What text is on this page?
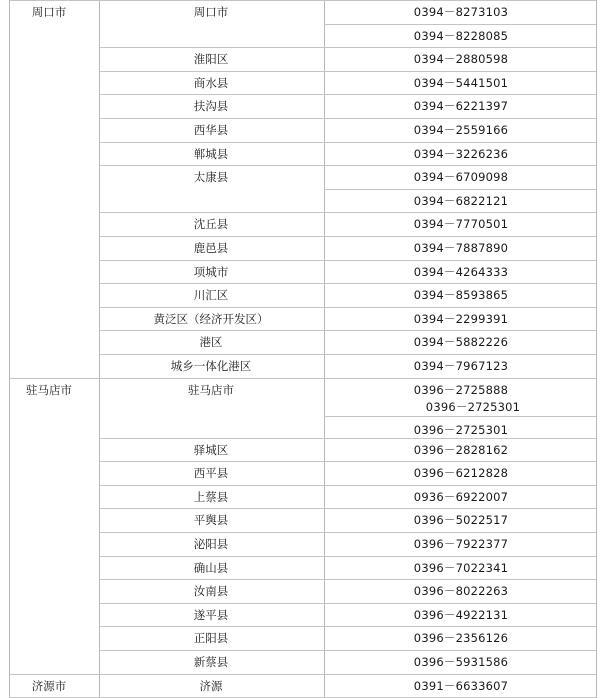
周口市	周口市	0394－8273103
0394－8228085
淮阳区	0394－2880598
商水县	0394－5441501
扶沟县	0394－6221397
西华县	0394－2559166
郸城县	0394－3226236
太康县	0394－6709098
0394－6822121
沈丘县	0394－7770501
鹿邑县	0394－7887890
项城市	0394－4264333
川汇区	0394－8593865
黄泛区（经济开发区）	0394－2299391
港区	0394－5882226
城乡一体化港区	0394－7967123
驻马店市	驻马店市	0396－2725888
0396－2725301
0396－2725301
驿城区	0396－2828162
西平县	0396－6212828
上蔡县	0936－6922007
平舆县	0396－5022517
泌阳县	0396－7922377
确山县	0396－7022341
汝南县	0396－8022263
遂平县	0396－4922131
正阳县	0396－2356126
新蔡县	0396－5931586
济源市	济源	0391－6633607
